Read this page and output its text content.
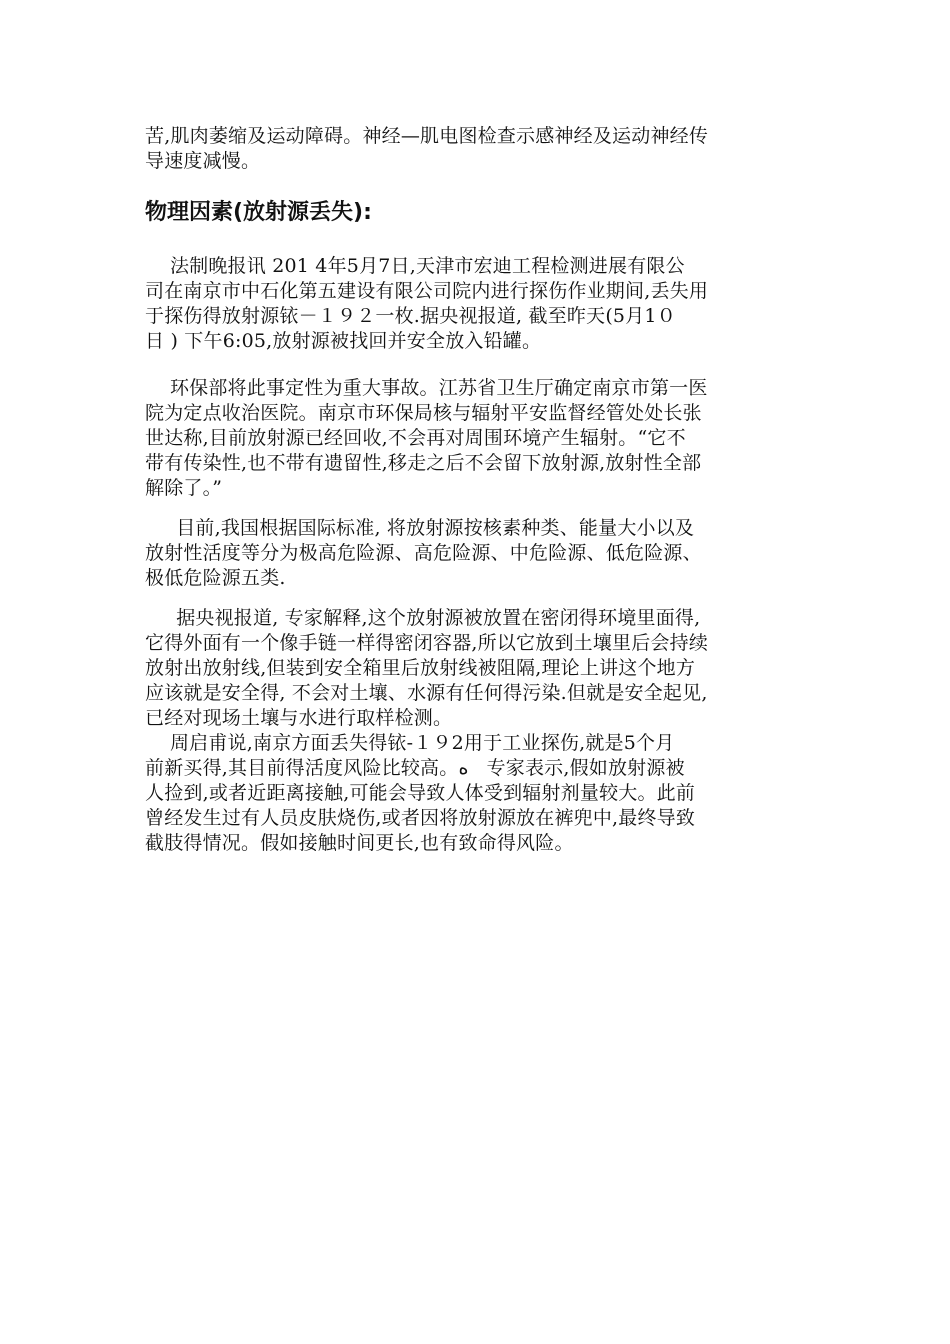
苦,肌肉萎缩及运动障碍。神经—肌电图检查示感神经及运动神经传
导速度减慢。
物理因素(放射源丢失):
法制晚报讯 201 4年5月7日,天津市宏迪工程检测进展有限公
司在南京市中石化第五建设有限公司院内进行探伤作业期间,丢失用
于探伤得放射源铱－１９２一枚.据央视报道, 截至昨天(5月1０
日 ) 下午6:05,放射源被找回并安全放入铅罐。
环保部将此事定性为重大事故。江苏省卫生厅确定南京市第一医
院为定点收治医院。南京市环保局核与辐射平安监督经管处处长张
世达称,目前放射源已经回收,不会再对周围环境产生辐射。“它不
带有传染性,也不带有遗留性,移走之后不会留下放射源,放射性全部
解除了。”
目前,我国根据国际标准, 将放射源按核素种类、能量大小以及
放射性活度等分为极高危险源、高危险源、中危险源、低危险源、
极低危险源五类.
据央视报道, 专家解释,这个放射源被放置在密闭得环境里面得,
它得外面有一个像手链一样得密闭容器,所以它放到土壤里后会持续
放射出放射线,但装到安全箱里后放射线被阻隔,理论上讲这个地方
应该就是安全得, 不会对土壤、水源有任何得污染.但就是安全起见,
已经对现场土壤与水进行取样检测。
周启甫说,南京方面丢失得铱-１９2用于工业探伤,就是5个月
前新买得,其目前得活度风险比较高。ﻩ   专家表示,假如放射源被
人捡到,或者近距离接触,可能会导致人体受到辐射剂量较大。此前
曾经发生过有人员皮肤烧伤,或者因将放射源放在裤兜中,最终导致
截肢得情况。假如接触时间更长,也有致命得风险。
